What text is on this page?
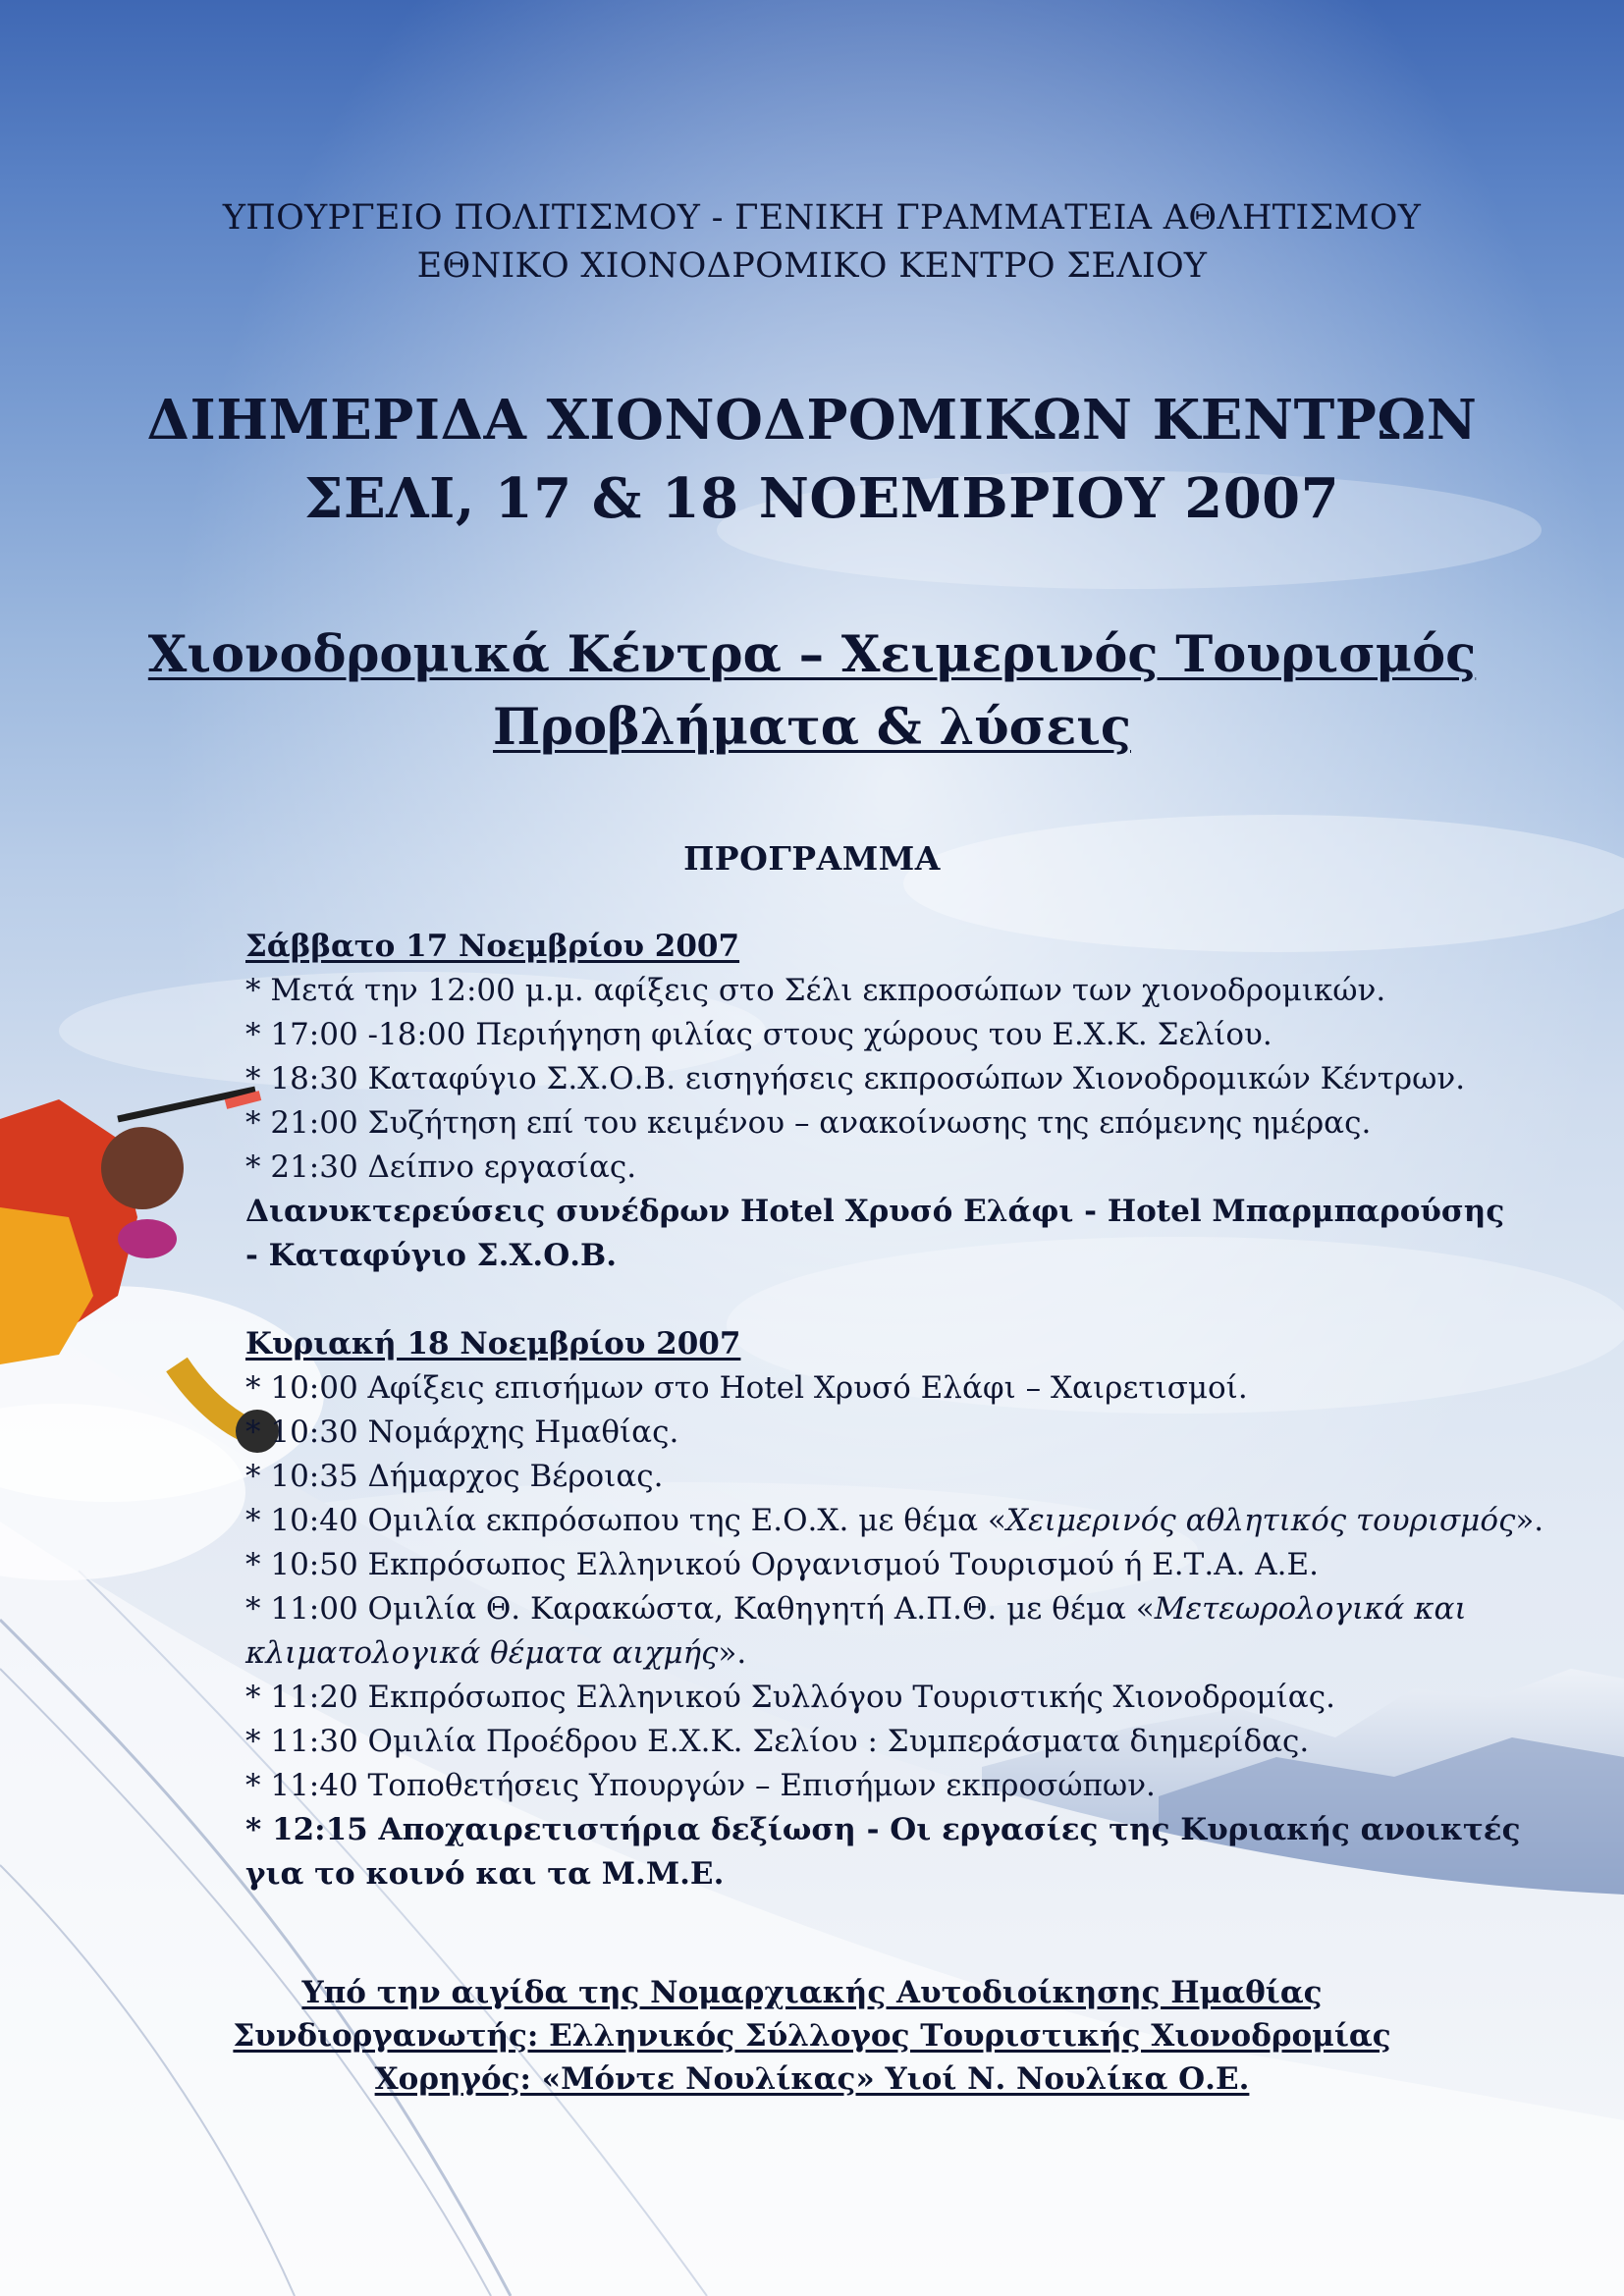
ΥΠΟΥΡΓΕΙΟ ΠΟΛΙΤΙΣΜΟΥ - ΓΕΝΙΚΗ ΓΡΑΜΜΑΤΕΙΑ ΑΘΛΗΤΙΣΜΟΥ
ΕΘΝΙΚΟ ΧΙΟΝΟΔΡΟΜΙΚΟ ΚΕΝΤΡΟ ΣΕΛΙΟΥ
ΔΙΗΜΕΡΙΔΑ ΧΙΟΝΟΔΡΟΜΙΚΩΝ ΚΕΝΤΡΩΝ
ΣΕΛΙ, 17 & 18 ΝΟΕΜΒΡΙΟΥ 2007
Χιονοδρομικά Κέντρα – Χειμερινός Τουρισμός
Προβλήματα & λύσεις
ΠΡΟΓΡΑΜΜΑ
Σάββατο 17 Νοεμβρίου 2007
* Μετά την 12:00 μ.μ. αφίξεις στο Σέλι εκπροσώπων των χιονοδρομικών.
* 17:00 -18:00 Περιήγηση φιλίας στους χώρους του Ε.Χ.Κ. Σελίου.
* 18:30 Καταφύγιο Σ.Χ.Ο.Β. εισηγήσεις εκπροσώπων Χιονοδρομικών Κέντρων.
* 21:00 Συζήτηση επί του κειμένου – ανακοίνωσης της επόμενης ημέρας.
* 21:30 Δείπνο εργασίας.
Διανυκτερεύσεις συνέδρων Hotel Χρυσό Ελάφι - Hotel Μπαρμπαρούσης
- Καταφύγιο Σ.Χ.Ο.Β.
Κυριακή 18 Νοεμβρίου 2007
* 10:00 Αφίξεις επισήμων στο Hotel Χρυσό Ελάφι – Χαιρετισμοί.
* 10:30 Νομάρχης Ημαθίας.
* 10:35 Δήμαρχος Βέροιας.
* 10:40 Ομιλία εκπρόσωπου της Ε.Ο.Χ. με θέμα «Χειμερινός αθλητικός τουρισμός».
* 10:50 Εκπρόσωπος Ελληνικού Οργανισμού Τουρισμού ή Ε.Τ.Α. Α.Ε.
* 11:00 Ομιλία Θ. Καρακώστα, Καθηγητή Α.Π.Θ. με θέμα «Μετεωρολογικά και
κλιματολογικά θέματα αιχμής».
* 11:20 Εκπρόσωπος Ελληνικού Συλλόγου Τουριστικής Χιονοδρομίας.
* 11:30 Ομιλία Προέδρου Ε.Χ.Κ. Σελίου : Συμπεράσματα διημερίδας.
* 11:40 Τοποθετήσεις Υπουργών – Επισήμων εκπροσώπων.
* 12:15 Αποχαιρετιστήρια δεξίωση - Οι εργασίες της Κυριακής ανοικτές
για το κοινό και τα Μ.Μ.Ε.
Υπό την αιγίδα της Νομαρχιακής Αυτοδιοίκησης Ημαθίας
Συνδιοργανωτής: Ελληνικός Σύλλογος Τουριστικής Χιονοδρομίας
Χορηγός: «Μόντε Νουλίκας» Υιοί Ν. Νουλίκα Ο.Ε.
